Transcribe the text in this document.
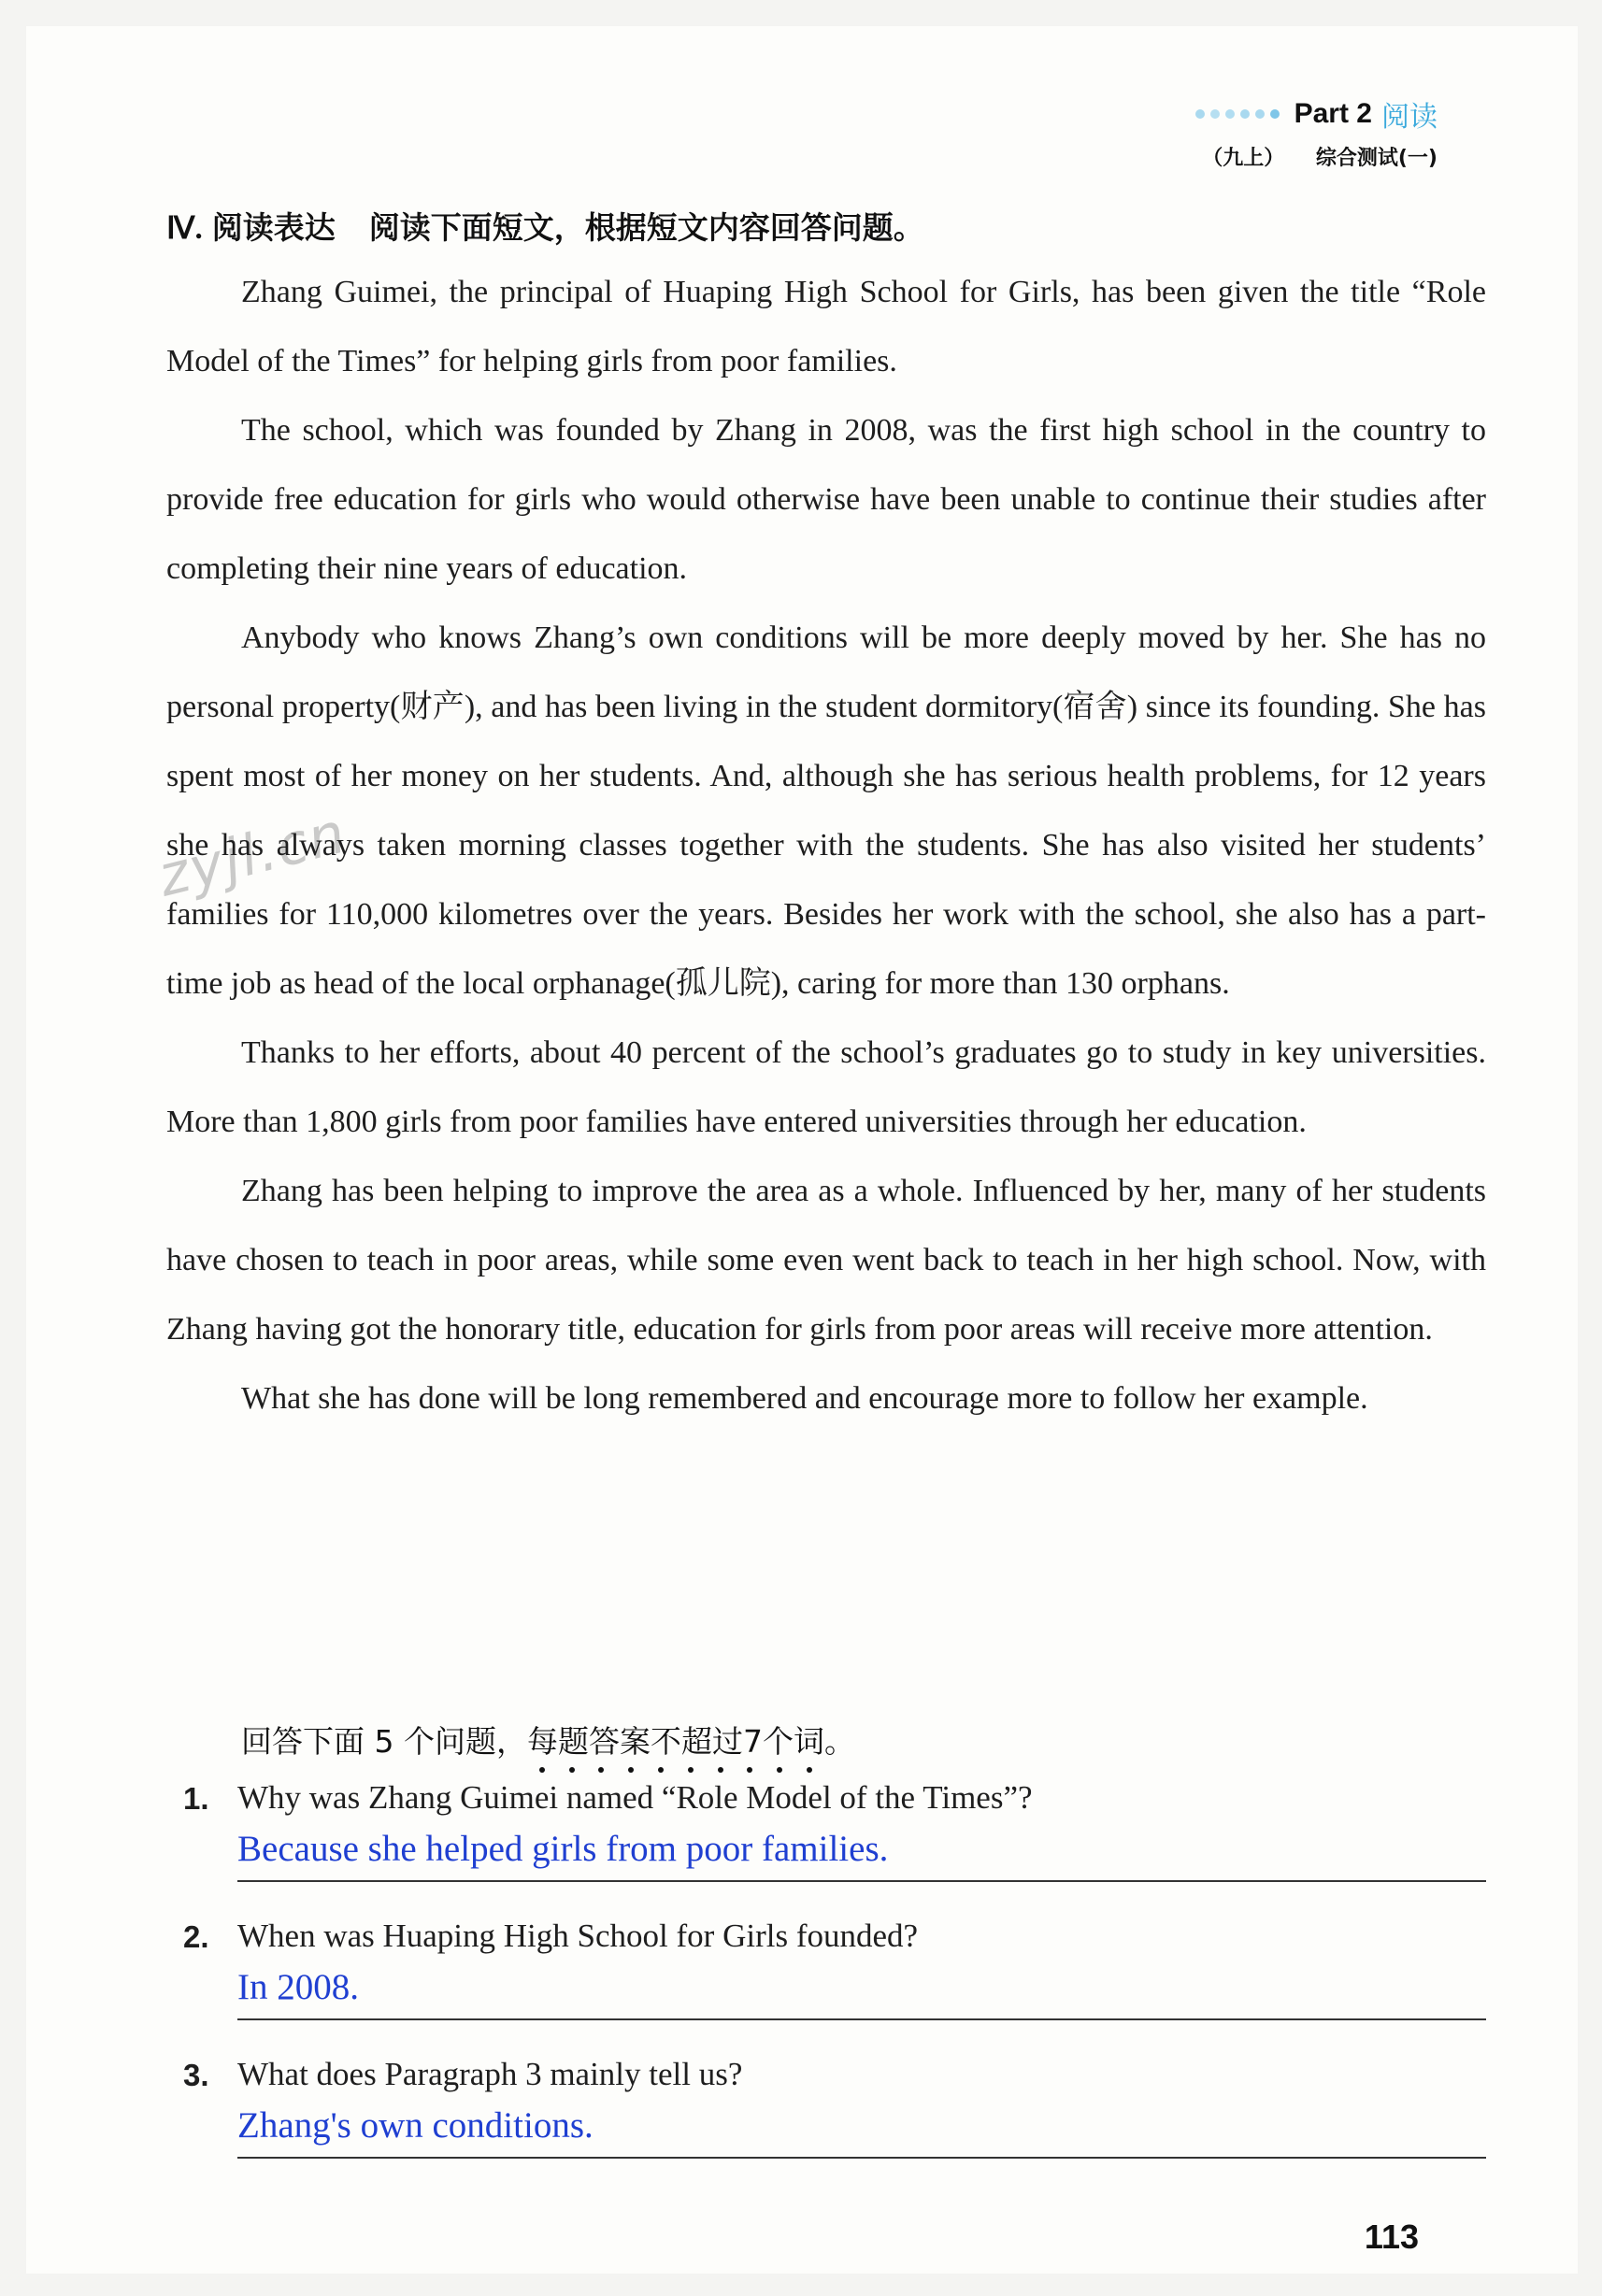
Part 2 阅读
（九上） 综合测试(一)
zyjl.cn
Ⅳ. 阅读表达 阅读下面短文，根据短文内容回答问题。

Zhang Guimei, the principal of Huaping High School for Girls, has been given the title “Role Model of the Times” for helping girls from poor families.

The school, which was founded by Zhang in 2008, was the first high school in the country to provide free education for girls who would otherwise have been unable to continue their studies after completing their nine years of education.

Anybody who knows Zhang’s own conditions will be more deeply moved by her. She has no personal property(财产), and has been living in the student dormitory(宿舍) since its founding. She has spent most of her money on her students. And, although she has serious health problems, for 12 years she has always taken morning classes together with the students. She has also visited her students’ families for 110,000 kilometres over the years. Besides her work with the school, she also has a part-time job as head of the local orphanage(孤儿院), caring for more than 130 orphans.

Thanks to her efforts, about 40 percent of the school’s graduates go to study in key universities. More than 1,800 girls from poor families have entered universities through her education.

Zhang has been helping to improve the area as a whole. Influenced by her, many of her students have chosen to teach in poor areas, while some even went back to teach in her high school. Now, with Zhang having got the honorary title, education for girls from poor areas will receive more attention.

What she has done will be long remembered and encourage more to follow her example.

回答下面 5 个问题，每题答案不超过7个词
。
1. Why was Zhang Guimei named “Role Model of the Times”?
Because she helped girls from poor families.
2. When was Huaping High School for Girls founded?
In 2008.
3. What does Paragraph 3 mainly tell us?
Zhang's own conditions.
113
